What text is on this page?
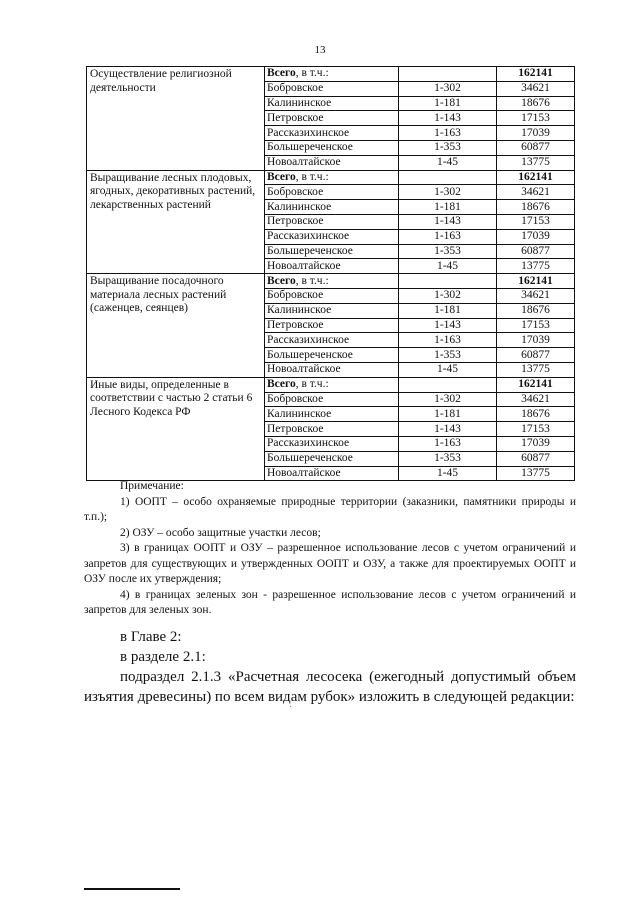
13
Осуществление религиозной деятельности	Всего, в т.ч.:		162141
	Бобровское	1-302	34621
	Калининское	1-181	18676
	Петровское	1-143	17153
	Рассказихинское	1-163	17039
	Большереченское	1-353	60877
	Новоалтайское	1-45	13775
Выращивание лесных плодовых, ягодных, декоративных растений, лекарственных растений	Всего, в т.ч.:		162141
	Бобровское	1-302	34621
	Калининское	1-181	18676
	Петровское	1-143	17153
	Рассказихинское	1-163	17039
	Большереченское	1-353	60877
	Новоалтайское	1-45	13775
Выращивание посадочного материала лесных растений (саженцев, сеянцев)	Всего, в т.ч.:		162141
	Бобровское	1-302	34621
	Калининское	1-181	18676
	Петровское	1-143	17153
	Рассказихинское	1-163	17039
	Большереченское	1-353	60877
	Новоалтайское	1-45	13775
Иные виды, определенные в соответствии с частью 2 статьи 6 Лесного Кодекса РФ	Всего, в т.ч.:		162141
	Бобровское	1-302	34621
	Калининское	1-181	18676
	Петровское	1-143	17153
	Рассказихинское	1-163	17039
	Большереченское	1-353	60877
	Новоалтайское	1-45	13775

Примечание:

1) ООПТ – особо охраняемые природные территории (заказники, памятники природы и т.п.);

2) ОЗУ – особо защитные участки лесов;

3) в границах ООПТ и ОЗУ – разрешенное использование лесов с учетом ограничений и запретов для существующих и утвержденных ООПТ и ОЗУ, а также для проектируемых ООПТ и ОЗУ после их утверждения;

4) в границах зеленых зон - разрешенное использование лесов с учетом ограничений и запретов для зеленых зон.

в Главе 2:

в разделе 2.1:

подраздел 2.1.3 «Расчетная лесосека (ежегодный допустимый объем изъятия древесины) по всем видам рубок» изложить в следующей редакции:
